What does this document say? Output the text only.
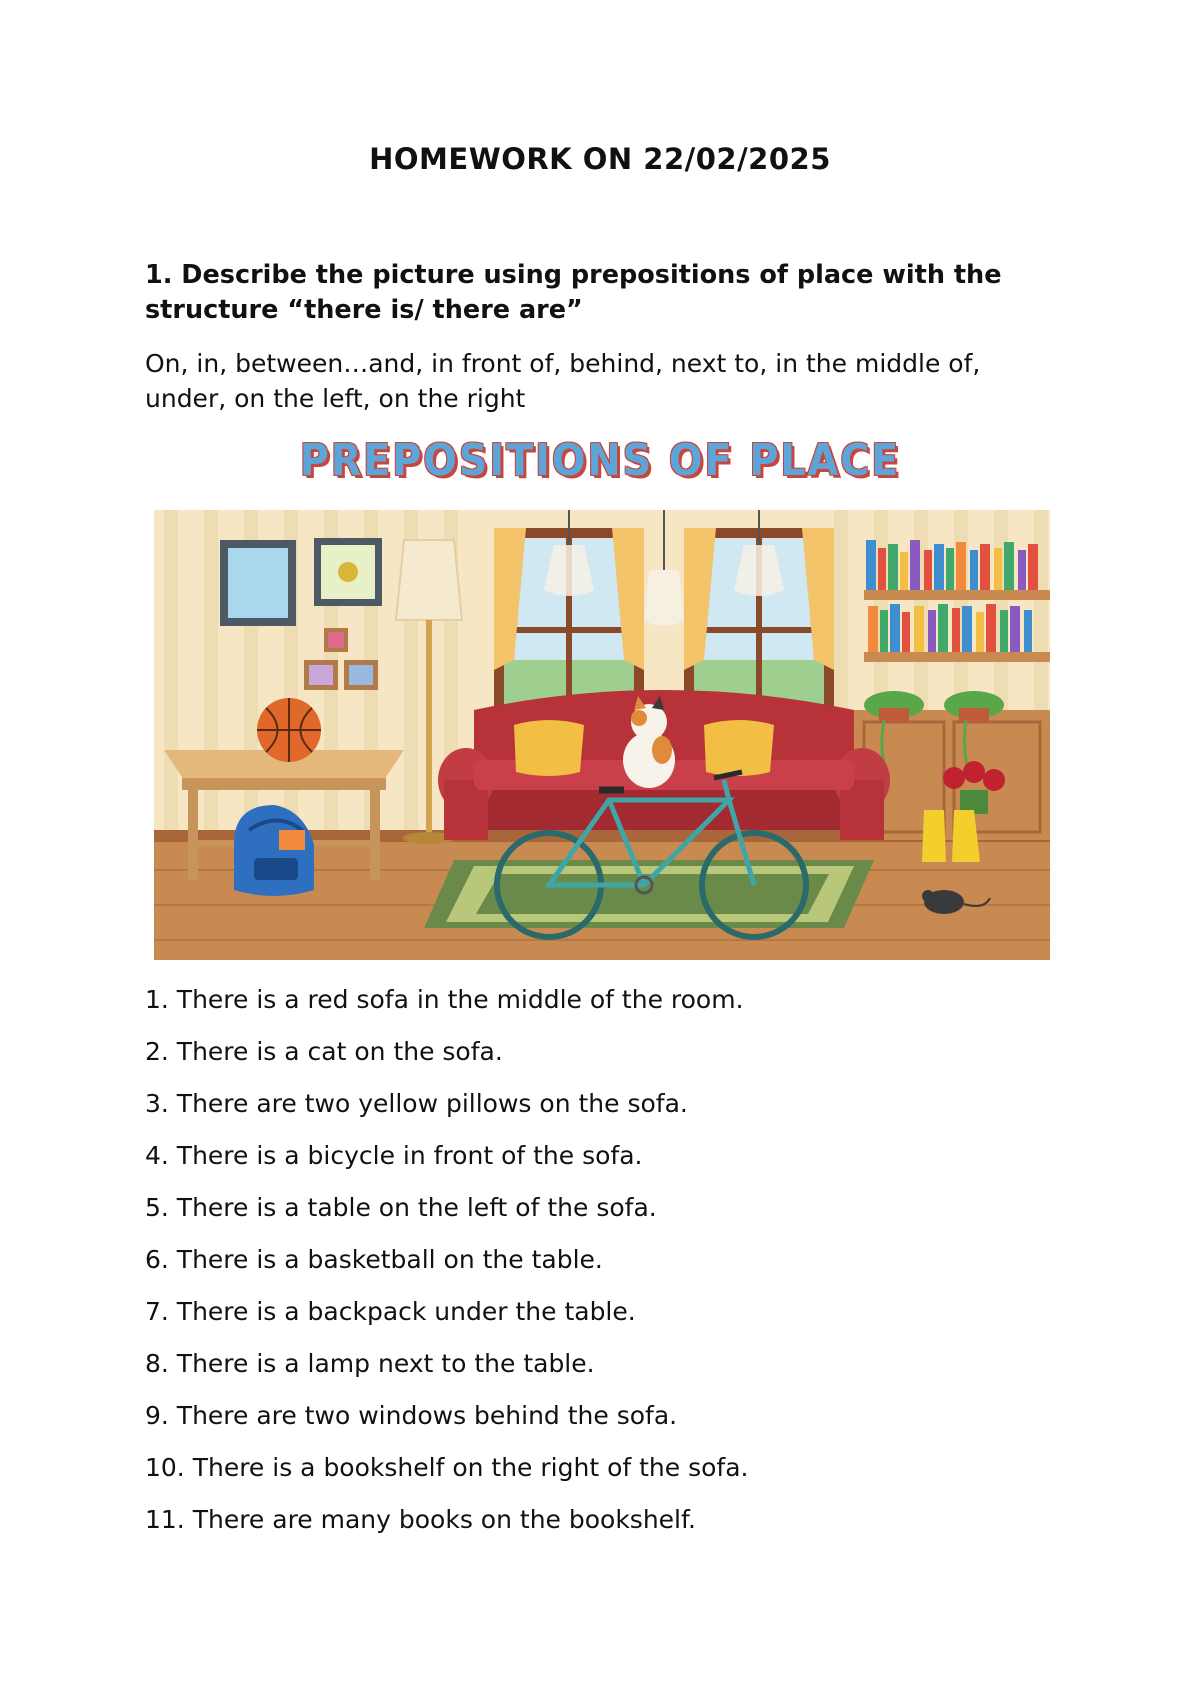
HOMEWORK ON 22/02/2025

1. Describe the picture using prepositions of place with the structure “there is/ there are”

On, in, between…and, in front of, behind, next to, in the middle of, under, on the left, on the right

PREPOSITIONS OF PLACE
1. There is a red sofa in the middle of the room.
2. There is a cat on the sofa.
3. There are two yellow pillows on the sofa.
4. There is a bicycle in front of the sofa.
5. There is a table on the left of the sofa.
6. There is a basketball on the table.
7. There is a backpack under the table.
8. There is a lamp next to the table.
9. There are two windows behind the sofa.
10. There is a bookshelf on the right of the sofa.
11. There are many books on the bookshelf.
